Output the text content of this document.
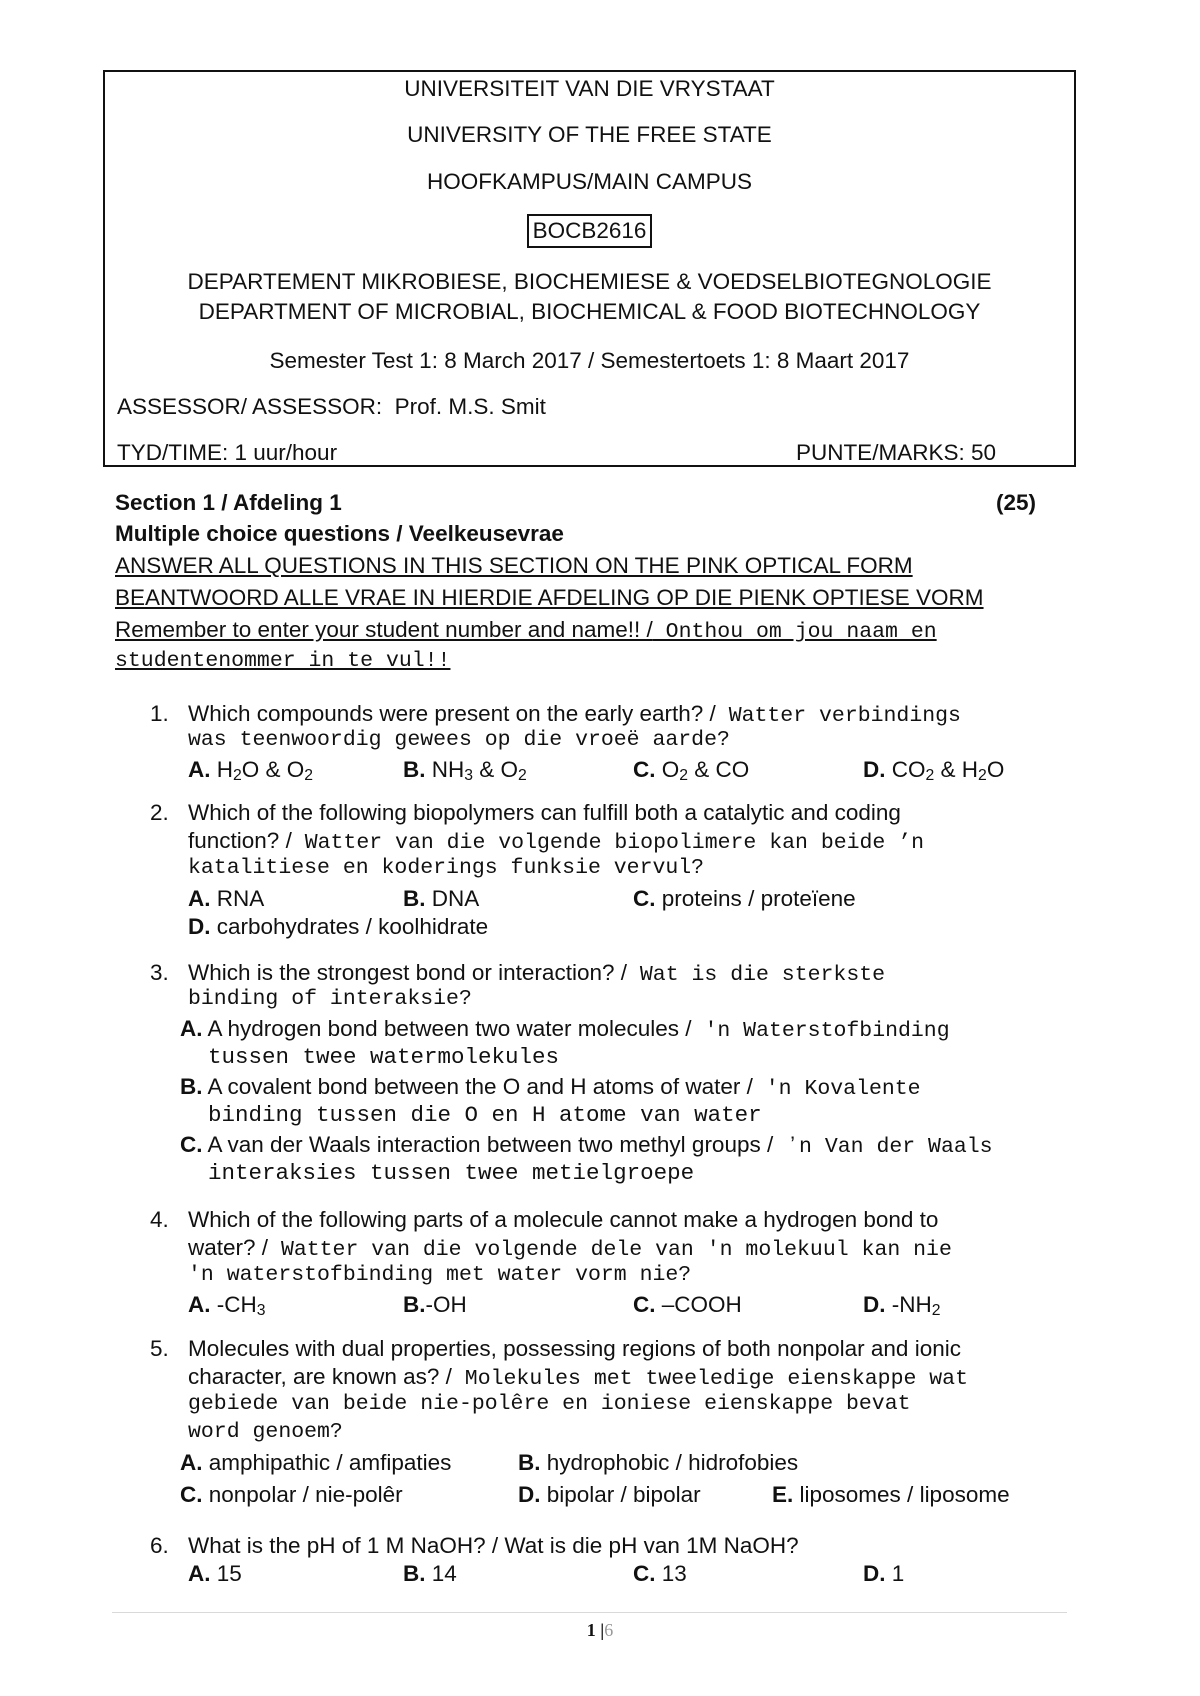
UNIVERSITEIT VAN DIE VRYSTAAT
UNIVERSITY OF THE FREE STATE
HOOFKAMPUS/MAIN CAMPUS
BOCB2616
DEPARTEMENT MIKROBIESE, BIOCHEMIESE & VOEDSELBIOTEGNOLOGIE
DEPARTMENT OF MICROBIAL, BIOCHEMICAL & FOOD BIOTECHNOLOGY
Semester Test 1: 8 March 2017 / Semestertoets 1: 8 Maart 2017
ASSESSOR/ ASSESSOR: Prof. M.S. Smit
TYD/TIME: 1 uur/hour	PUNTE/MARKS: 50
Section 1 / Afdeling 1	(25)
Multiple choice questions / Veelkeusevrae
ANSWER ALL QUESTIONS IN THIS SECTION ON THE PINK OPTICAL FORM
BEANTWOORD ALLE VRAE IN HIERDIE AFDELING OP DIE PIENK OPTIESE VORM
Remember to enter your student number and name!! / Onthou om jou naam en
studentenommer in te vul!!
1. Which compounds were present on the early earth? / Watter verbindings
was teenwoordig gewees op die vroeë aarde?
A. $H_2O$ & $O_2$	B. $NH_3$ & $O_2$	C. $O_2$ & CO	D. $CO_2$ & $H_2O$
2. Which of the following biopolymers can fulfill both a catalytic and coding
function? / Watter van die volgende biopolimere kan beide ’n
katalitiese en koderings funksie vervul?
A. RNA	B. DNA	C. proteins / proteïene
D. carbohydrates / koolhidrate
3. Which is the strongest bond or interaction? / Wat is die sterkste
binding of interaksie?
A. A hydrogen bond between two water molecules / 'n Waterstofbinding
tussen twee watermolekules
B. A covalent bond between the O and H atoms of water / 'n Kovalente
binding tussen die O en H atome van water
C. A van der Waals interaction between two methyl groups / ʼn Van der Waals
interaksies tussen twee metielgroepe
4. Which of the following parts of a molecule cannot make a hydrogen bond to
water? / Watter van die volgende dele van 'n molekuul kan nie
'n waterstofbinding met water vorm nie?
A. $-CH_3$	B.-OH	C. –COOH	D. $-NH_2$
5. Molecules with dual properties, possessing regions of both nonpolar and ionic
character, are known as? / Molekules met tweeledige eienskappe wat
gebiede van beide nie-polêre en ioniese eienskappe bevat
word genoem?
A. amphipathic / amfipaties	B. hydrophobic / hidrofobies
C. nonpolar / nie-polêr	D. bipolar / bipolar	E. liposomes / liposome
6. What is the pH of 1 M NaOH? / Wat is die pH van 1M NaOH?
A. 15	B. 14	C. 13	D. 1
1 |6
